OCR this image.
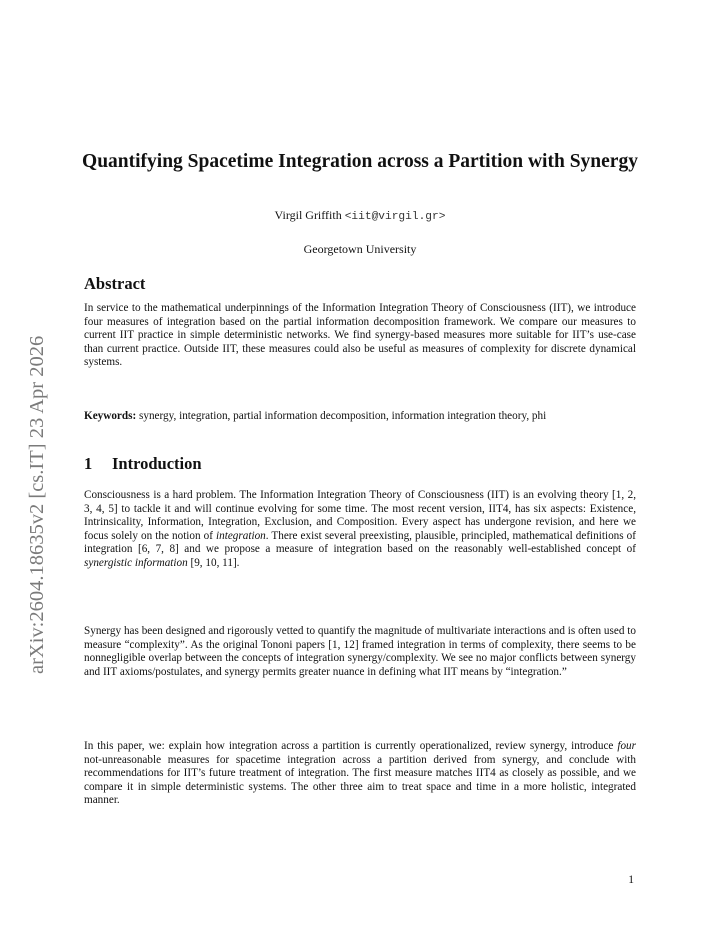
arXiv:2604.18635v2 [cs.IT] 23 Apr 2026
Quantifying Spacetime Integration across a Partition with Synergy
Virgil Griffith <iit@virgil.gr>
Georgetown University
Abstract

In service to the mathematical underpinnings of the Information Integration Theory of Consciousness (IIT), we introduce four measures of integration based on the partial information decomposition framework. We compare our measures to current IIT practice in simple deterministic networks. We find synergy-based measures more suitable for IIT’s use-case than current practice. Outside IIT, these measures could also be useful as measures of complexity for discrete dynamical systems.

Keywords: synergy, integration, partial information decomposition, information integration theory, phi

1 Introduction

Consciousness is a hard problem. The Information Integration Theory of Consciousness (IIT) is an evolving theory [1, 2, 3, 4, 5] to tackle it and will continue evolving for some time. The most recent version, IIT4, has six aspects: Existence, Intrinsicality, Information, Integration, Exclusion, and Composition. Every aspect has undergone revision, and here we focus solely on the notion of integration. There exist several preexisting, plausible, principled, mathematical definitions of integration [6, 7, 8] and we propose a measure of integration based on the reasonably well-established concept of synergistic information [9, 10, 11].

Synergy has been designed and rigorously vetted to quantify the magnitude of multivariate interactions and is often used to measure “complexity”. As the original Tononi papers [1, 12] framed integration in terms of complexity, there seems to be nonnegligible overlap between the concepts of integration synergy/complexity. We see no major conflicts between synergy and IIT axioms/postulates, and synergy permits greater nuance in defining what IIT means by “integration.”

In this paper, we: explain how integration across a partition is currently operationalized, review synergy, introduce four not-unreasonable measures for spacetime integration across a partition derived from synergy, and conclude with recommendations for IIT’s future treatment of integration. The first measure matches IIT4 as closely as possible, and we compare it in simple deterministic systems. The other three aim to treat space and time in a more holistic, integrated manner.

1
